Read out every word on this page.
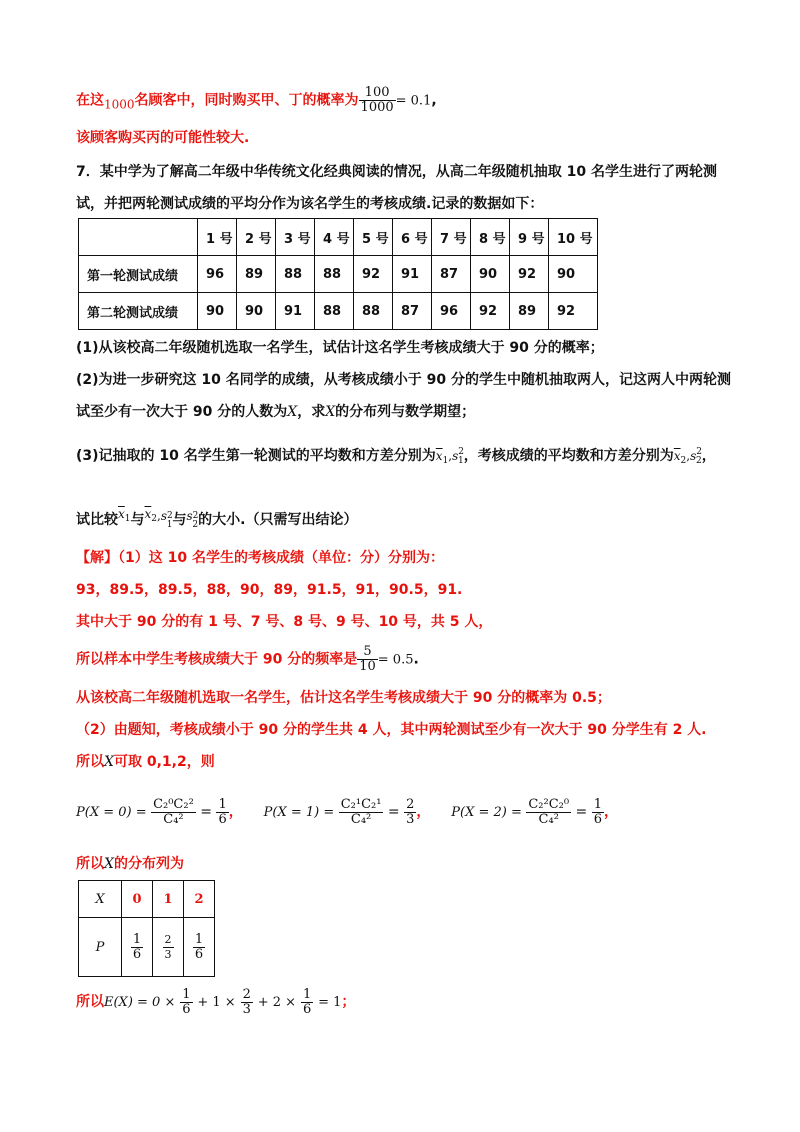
在这1000名顾客中，同时购买甲、丁的概率为 $\frac{100}{1000} = 0.1$,
该顾客购买丙的可能性较大.
7．某中学为了解高二年级中华传统文化经典阅读的情况，从高二年级随机抽取 10 名学生进行了两轮测
试，并把两轮测试成绩的平均分作为该名学生的考核成绩.记录的数据如下：
	1 号	2 号	3 号	4 号	5 号	6 号	7 号	8 号	9 号	10 号
第一轮测试成绩	96	89	88	88	92	91	87	90	92	90
第二轮测试成绩	90	90	91	88	88	87	96	92	89	92
(1)从该校高二年级随机选取一名学生，试估计这名学生考核成绩大于 90 分的概率；
(2)为进一步研究这 10 名同学的成绩，从考核成绩小于 90 分的学生中随机抽取两人，记这两人中两轮测
试至少有一次大于 90 分的人数为X，求X的分布列与数学期望；
(3)记抽取的 10 名学生第一轮测试的平均数和方差分别为$\overline{x}_1,s^2_1$，考核成绩的平均数和方差分别为$\overline{x}_2,s^2_2$，
试比较$\overline{x}^1$与$\overline{x}^2,s^2_1$与$s^2_2$的大小.（只需写出结论）
【解】（1）这 10 名学生的考核成绩（单位：分）分别为：
93，89.5，89.5，88，90，89，91.5，91，90.5，91.
其中大于 90 分的有 1 号、7 号、8 号、9 号、10 号，共 5 人，
所以样本中学生考核成绩大于 90 分的频率是 $\frac{5}{10} = 0.5$.
从该校高二年级随机选取一名学生，估计这名学生考核成绩大于 90 分的概率为 0.5；
（2）由题知，考核成绩小于 90 分的学生共 4 人，其中两轮测试至少有一次大于 90 分学生有 2 人.
所以X可取 0,1,2，则
$P(X = 0) = \frac{\text{C₂⁰C₂²}}{\text{C₄²}} = \frac{1}{6}$ ， $P(X = 1) = \frac{\text{C₂¹C₂¹}}{\text{C₄²}} = \frac{2}{3}$ ， $P(X = 2) = \frac{\text{C₂²C₂⁰}}{\text{C₄²}} = \frac{1}{6}$ ，
所以X的分布列为
X	0	1	2
P	$\frac{1}{6}$	$\frac{2}{3}$	$\frac{1}{6}$
所以$E(X) = 0 \times \frac{1}{6} + 1 \times \frac{2}{3} + 2 \times \frac{1}{6} = 1$；
